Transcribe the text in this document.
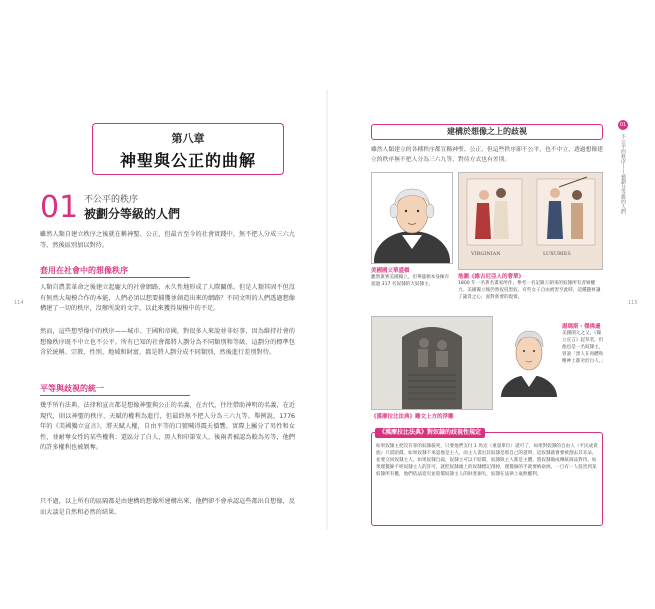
114
第八章
神聖與公正的曲解
01 不公平的秩序
被劃分等級的人們
雖然人類自建立秩序之後就在稱神聖、公正，但最古至今的社會實踐中，無不把人分成三六九等，然後區別加以對待。
套用在社會中的想像秩序
人類自農業革命之後建立起龐大的社會網路，永久性地形成了人際關係。但是人類其固不但沒有無然大規模合作的本能，人們必須以想要捕獲並創造出來的網路？不同文明的人們透過想像構建了一切的秩序，沒辦所說的文字，以此來獲得規模中的不足。
然而，這些想型像中的秩序——城市、王國和帝國，對很多人來說並非好事，因為維持社會的想像秩序既不中立也不公平。所有已知的社會都將人劃分為不同類別和等級，這劃分的標準包含於統稱、宗教、性別、地域和財富，都是將人劃分成不同類別，然後進行差別對待。
平等與歧視的統一
幾乎所有法典、法律和宣言都是想像神聖與公正的名義，在古代，往往借助神明的名義，在近現代，則以神聖的秩序、天賦的權利為進行，但最終無不把人分為三六九等。舉例說，1776年的《美國獨立宣言》，將天賦人權，自由平等的口號喊得震天價響，實際上屬分了男性和女性，並耐奪女性的某些權利；還區分了白人、黑人和印第安人，後兩者被認為較為劣等，他們的許多權利也被剝奪。
只不過，以上所有的區隔都是由建構的想像所建構出來，他們卻不會承認這些都出自想像，反而大談是自然和必然的結果。
115
建構於想像之上的歧視
01
不公平的秩序——被劃分等級的人們
雖然人類建立的各種秩序都宣稱神聖、公正，但這些秩序卻不公平，也不中立，透過想像建立的秩序無不把人分為三六九等，對待方式也有差別。
美國國父華盛頓
雖然簽署美國獨立，但華盛頓本身擁有超過 317 名奴隸的大奴隸主。
VIRGINIAN	LUXURIES
地圖《維吉尼亞人的奢華》
1800 年一名著名畫家所作，參考一名記錄王朝來的奴隸所有者婦權力。美國獨立後仍然奴役黑奴，有些女子自由被害至此時，這種題材讓了譴責之心，面對新要的現實。
《漢摩拉比法典》雕文上方的浮雕
湯瑪斯・傑佛遜
美國開元之父，《獨立宣言》起草者，但他也是一名奴隸主，曾說「黑人在肉體和精神上都劣於白人。」
《漢摩拉比法典》對奴隸的歧視性規定
如果奴隸主把沒有罪的奴隸殺死，只要他們支付 1 馬克（重量單位）就可了，如果對奴隸的自由人（平民或貴族）只需賠償。如果奴隸不承認他是主人，而主人書出其奴隸是那自己的證明，這奴隸就會要被割去其耳朵，並要交回奴隸主人。如果奴隸自殺，奴隸主可以不賠償，奴隸與主人都是主體，將奴隸做成傳統商品對待。如果理髮師不經奴隸主人的許可，就把奴隸頭上的奴隸標記削掉，理髮師的手就要被砍掉。一旦有一人侵害到某奴隸所有權，他們依法追究並賠償奴隸主人的財產損失，奴隸在法律上毫無權利。
